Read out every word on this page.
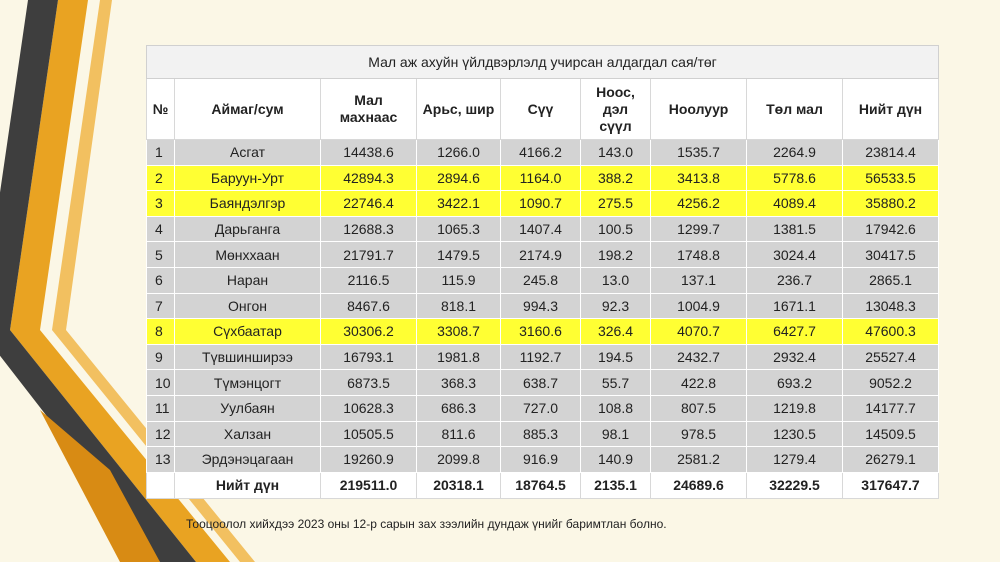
Мал аж ахуйн үйлдвэрлэлд учирсан алдагдал сая/төг								
№	Аймаг/сум	Мал махнаас	Арьс, шир	Сүү	Ноос, дэл сүүл	Ноолуур	Төл мал	Нийт дүн
1	Асгат	14438.6	1266.0	4166.2	143.0	1535.7	2264.9	23814.4
2	Баруун-Урт	42894.3	2894.6	1164.0	388.2	3413.8	5778.6	56533.5
3	Баяндэлгэр	22746.4	3422.1	1090.7	275.5	4256.2	4089.4	35880.2
4	Дарьганга	12688.3	1065.3	1407.4	100.5	1299.7	1381.5	17942.6
5	Мөнххаан	21791.7	1479.5	2174.9	198.2	1748.8	3024.4	30417.5
6	Наран	2116.5	115.9	245.8	13.0	137.1	236.7	2865.1
7	Онгон	8467.6	818.1	994.3	92.3	1004.9	1671.1	13048.3
8	Сүхбаатар	30306.2	3308.7	3160.6	326.4	4070.7	6427.7	47600.3
9	Түвшинширээ	16793.1	1981.8	1192.7	194.5	2432.7	2932.4	25527.4
10	Түмэнцогт	6873.5	368.3	638.7	55.7	422.8	693.2	9052.2
11	Уулбаян	10628.3	686.3	727.0	108.8	807.5	1219.8	14177.7
12	Халзан	10505.5	811.6	885.3	98.1	978.5	1230.5	14509.5
13	Эрдэнэцагаан	19260.9	2099.8	916.9	140.9	2581.2	1279.4	26279.1
	Нийт дүн	219511.0	20318.1	18764.5	2135.1	24689.6	32229.5	317647.7
Тооцоолол хийхдээ 2023 оны 12-р сарын зах зээлийн дундаж үнийг баримтлан болно.
